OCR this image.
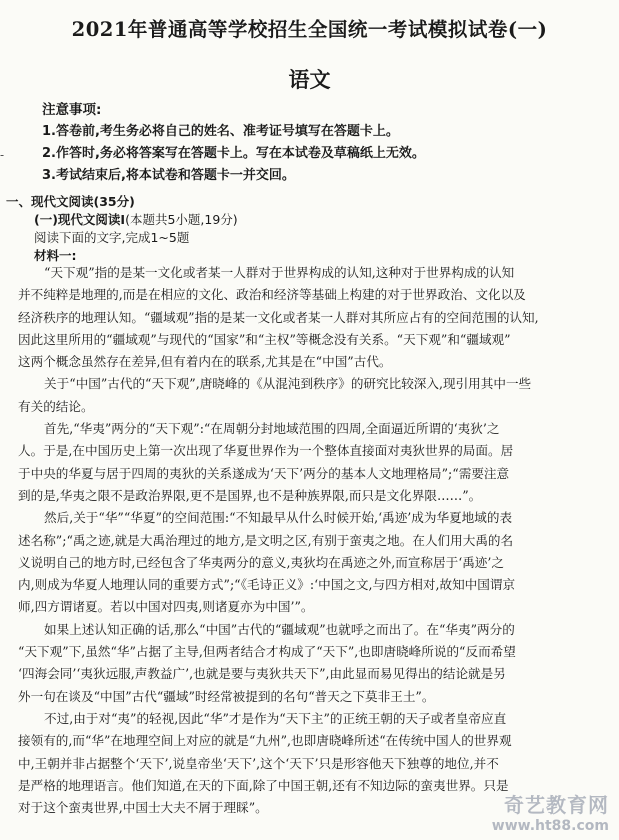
-
2021年普通高等学校招生全国统一考试模拟试卷(一)
语文
注意事项:
1.答卷前,考生务必将自己的姓名、准考证号填写在答题卡上。
2.作答时,务必将答案写在答题卡上。写在本试卷及草稿纸上无效。
3.考试结束后,将本试卷和答题卡一并交回。
一、现代文阅读(35分)
(一)现代文阅读Ⅰ(本题共5小题,19分)
阅读下面的文字,完成1~5题
材料一:
“天下观”指的是某一文化或者某一人群对于世界构成的认知,这种对于世界构成的认知
并不纯粹是地理的,而是在相应的文化、政治和经济等基础上构建的对于世界政治、文化以及
经济秩序的地理认知。“疆域观”指的是某一文化或者某一人群对其所应占有的空间范围的认知,
因此这里所用的“疆域观”与现代的“国家”和“主权”等概念没有关系。“天下观”和“疆域观”
这两个概念虽然存在差异,但有着内在的联系,尤其是在“中国”古代。
关于“中国”古代的“天下观”,唐晓峰的《从混沌到秩序》的研究比较深入,现引用其中一些
有关的结论。
首先,“华夷”两分的“天下观”:“在周朝分封地域范围的四周,全面逼近所谓的‘夷狄’之
人。于是,在中国历史上第一次出现了华夏世界作为一个整体直接面对夷狄世界的局面。居
于中央的华夏与居于四周的夷狄的关系遂成为‘天下’两分的基本人文地理格局”;“需要注意
到的是,华夷之限不是政治界限,更不是国界,也不是种族界限,而只是文化界限……”。
然后,关于“华”“华夏”的空间范围:“不知最早从什么时候开始,‘禹迹’成为华夏地域的表
述名称”;“禹之迹,就是大禹治理过的地方,是文明之区,有别于蛮夷之地。在人们用大禹的名
义说明自己的地方时,已经包含了华夷两分的意义,夷狄均在禹迹之外,而宣称居于‘禹迹’之
内,则成为华夏人地理认同的重要方式”;“《毛诗正义》:‘中国之文,与四方相对,故知中国谓京
师,四方谓诸夏。若以中国对四夷,则诸夏亦为中国’”。
如果上述认知正确的话,那么“中国”古代的“疆域观”也就呼之而出了。在“华夷”两分的
“天下观”下,虽然“华”占据了主导,但两者结合才构成了“天下”,也即唐晓峰所说的“反而希望
‘四海会同’‘夷狄远服,声教益广’,也就是要与夷狄共天下”,由此显而易见得出的结论就是另
外一句在谈及“中国”古代“疆域”时经常被提到的名句“普天之下莫非王土”。
不过,由于对“夷”的轻视,因此“华”才是作为“天下主”的正统王朝的天子或者皇帝应直
接领有的,而“华”在地理空间上对应的就是“九州”,也即唐晓峰所述“在传统中国人的世界观
中,王朝并非占据整个‘天下’,说皇帝坐‘天下’,这个‘天下’只是形容他天下独尊的地位,并不
是严格的地理语言。他们知道,在天的下面,除了中国王朝,还有不知边际的蛮夷世界。只是
对于这个蛮夷世界,中国士大夫不屑于理睬”。	奇艺教育网
www.ht88.com
